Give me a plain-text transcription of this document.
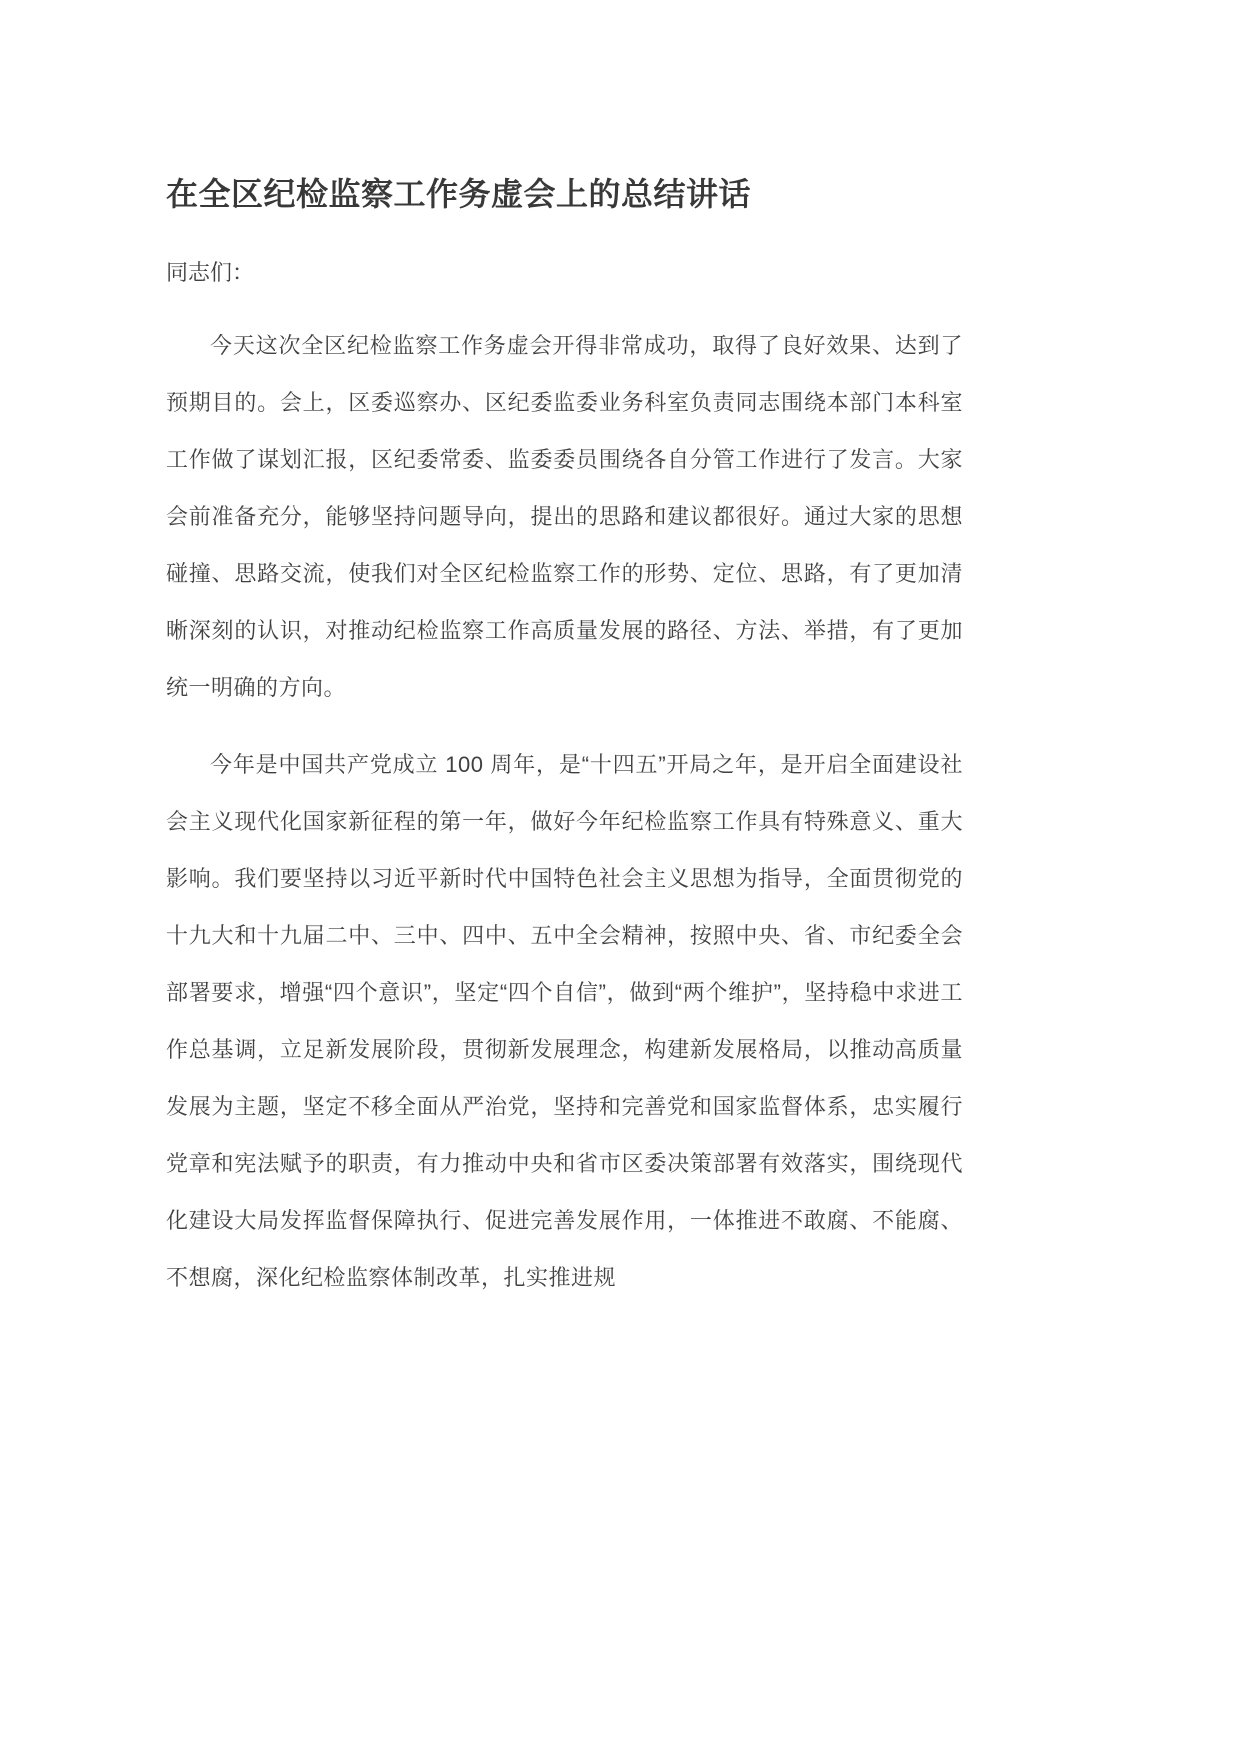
在全区纪检监察工作务虚会上的总结讲话

同志们：

今天这次全区纪检监察工作务虚会开得非常成功，取得了良好效果、达到了预期目的。会上，区委巡察办、区纪委监委业务科室负责同志围绕本部门本科室工作做了谋划汇报，区纪委常委、监委委员围绕各自分管工作进行了发言。大家会前准备充分，能够坚持问题导向，提出的思路和建议都很好。通过大家的思想碰撞、思路交流，使我们对全区纪检监察工作的形势、定位、思路，有了更加清晰深刻的认识，对推动纪检监察工作高质量发展的路径、方法、举措，有了更加统一明确的方向。

今年是中国共产党成立 100 周年，是“十四五”开局之年，是开启全面建设社会主义现代化国家新征程的第一年，做好今年纪检监察工作具有特殊意义、重大影响。我们要坚持以习近平新时代中国特色社会主义思想为指导，全面贯彻党的十九大和十九届二中、三中、四中、五中全会精神，按照中央、省、市纪委全会部署要求，增强“四个意识”，坚定“四个自信”，做到“两个维护”，坚持稳中求进工作总基调，立足新发展阶段，贯彻新发展理念，构建新发展格局，以推动高质量发展为主题，坚定不移全面从严治党，坚持和完善党和国家监督体系，忠实履行党章和宪法赋予的职责，有力推动中央和省市区委决策部署有效落实，围绕现代化建设大局发挥监督保障执行、促进完善发展作用，一体推进不敢腐、不能腐、不想腐，深化纪检监察体制改革，扎实推进规
